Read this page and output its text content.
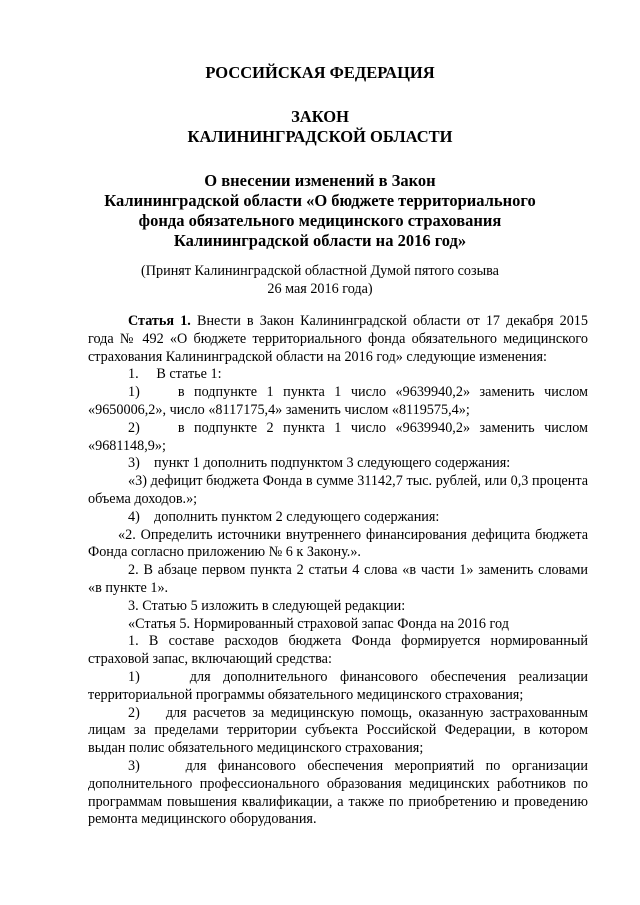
РОССИЙСКАЯ ФЕДЕРАЦИЯ

ЗАКОН

КАЛИНИНГРАДСКОЙ ОБЛАСТИ

О внесении изменений в Закон

Калининградской области «О бюджете территориального

фонда обязательного медицинского страхования

Калининградской области на 2016 год»

(Принят Калининградской областной Думой пятого созыва

26 мая 2016 года)

Статья 1. Внести в Закон Калининградской области от 17 декабря 2015 года № 492 «О бюджете территориального фонда обязательного медицинского страхования Калининградской области на 2016 год» следующие изменения:

1.     В статье 1:

1)    в подпункте 1 пункта 1 число «9639940,2» заменить числом «9650006,2», число «8117175,4» заменить числом «8119575,4»;

2)    в подпункте 2 пункта 1 число «9639940,2» заменить числом «9681148,9»;

3)    пункт 1 дополнить подпунктом 3 следующего содержания:

«3) дефицит бюджета Фонда в сумме 31142,7 тыс. рублей, или 0,3 процента объема доходов.»;

4)    дополнить пунктом 2 следующего содержания:

«2. Определить источники внутреннего финансирования дефицита бюджета Фонда согласно приложению № 6 к Закону.».

2. В абзаце первом пункта 2 статьи 4 слова «в части 1» заменить словами «в пункте 1».

3. Статью 5 изложить в следующей редакции:

«Статья 5. Нормированный страховой запас Фонда на 2016 год

1. В составе расходов бюджета Фонда формируется нормированный страховой запас, включающий средства:

1)    для дополнительного финансового обеспечения реализации территориальной программы обязательного медицинского страхования;

2)    для расчетов за медицинскую помощь, оказанную застрахованным лицам за пределами территории субъекта Российской Федерации, в котором выдан полис обязательного медицинского страхования;

3)    для финансового обеспечения мероприятий по организации дополнительного профессионального образования медицинских работников по программам повышения квалификации, а также по приобретению и проведению ремонта медицинского оборудования.
